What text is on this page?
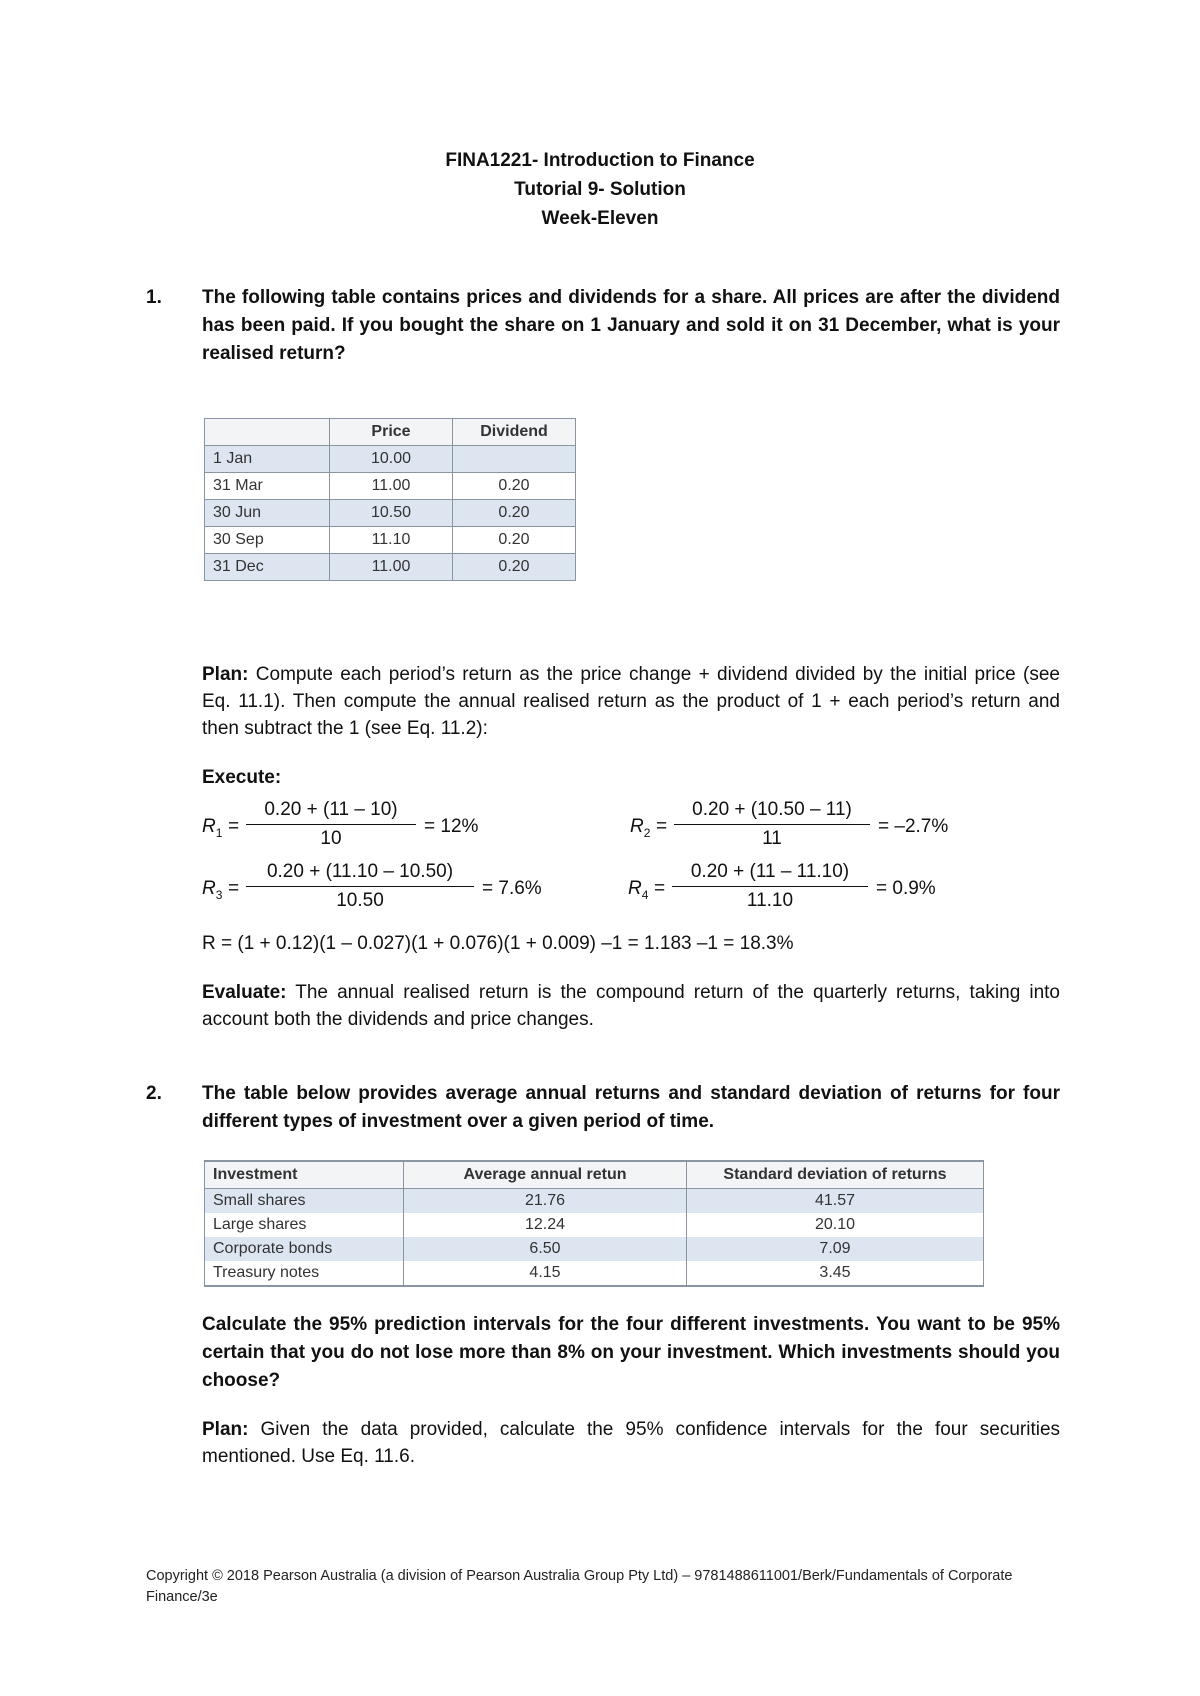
FINA1221- Introduction to Finance
Tutorial 9- Solution
Week-Eleven
1. The following table contains prices and dividends for a share. All prices are after the dividend has been paid. If you bought the share on 1 January and sold it on 31 December, what is your realised return?
	Price	Dividend
1 Jan	10.00	
31 Mar	11.00	0.20
30 Jun	10.50	0.20
30 Sep	11.10	0.20
31 Dec	11.00	0.20
Plan: Compute each period’s return as the price change + dividend divided by the initial price (see Eq. 11.1). Then compute the annual realised return as the product of 1 + each period’s return and then subtract the 1 (see Eq. 11.2):
Execute:
$R_1$ =
0.20 + (11 – 10)
10
= 12%	$R_2$ =
0.20 + (10.50 – 11)
11
= –2.7%
$R_3$ =
0.20 + (11.10 – 10.50)
10.50
= 7.6%	$R_4$ =
0.20 + (11 – 11.10)
11.10
= 0.9%
R = (1 + 0.12)(1 – 0.027)(1 + 0.076)(1 + 0.009) –1 = 1.183 –1 = 18.3%
Evaluate: The annual realised return is the compound return of the quarterly returns, taking into account both the dividends and price changes.
2. The table below provides average annual returns and standard deviation of returns for four different types of investment over a given period of time.
Investment	Average annual retun	Standard deviation of returns
Small shares	21.76	41.57
Large shares	12.24	20.10
Corporate bonds	6.50	7.09
Treasury notes	4.15	3.45
Calculate the 95% prediction intervals for the four different investments. You want to be 95% certain that you do not lose more than 8% on your investment. Which investments should you choose?
Plan: Given the data provided, calculate the 95% confidence intervals for the four securities mentioned. Use Eq. 11.6.
Copyright © 2018 Pearson Australia (a division of Pearson Australia Group Pty Ltd) – 9781488611001/Berk/Fundamentals of Corporate Finance/3e
